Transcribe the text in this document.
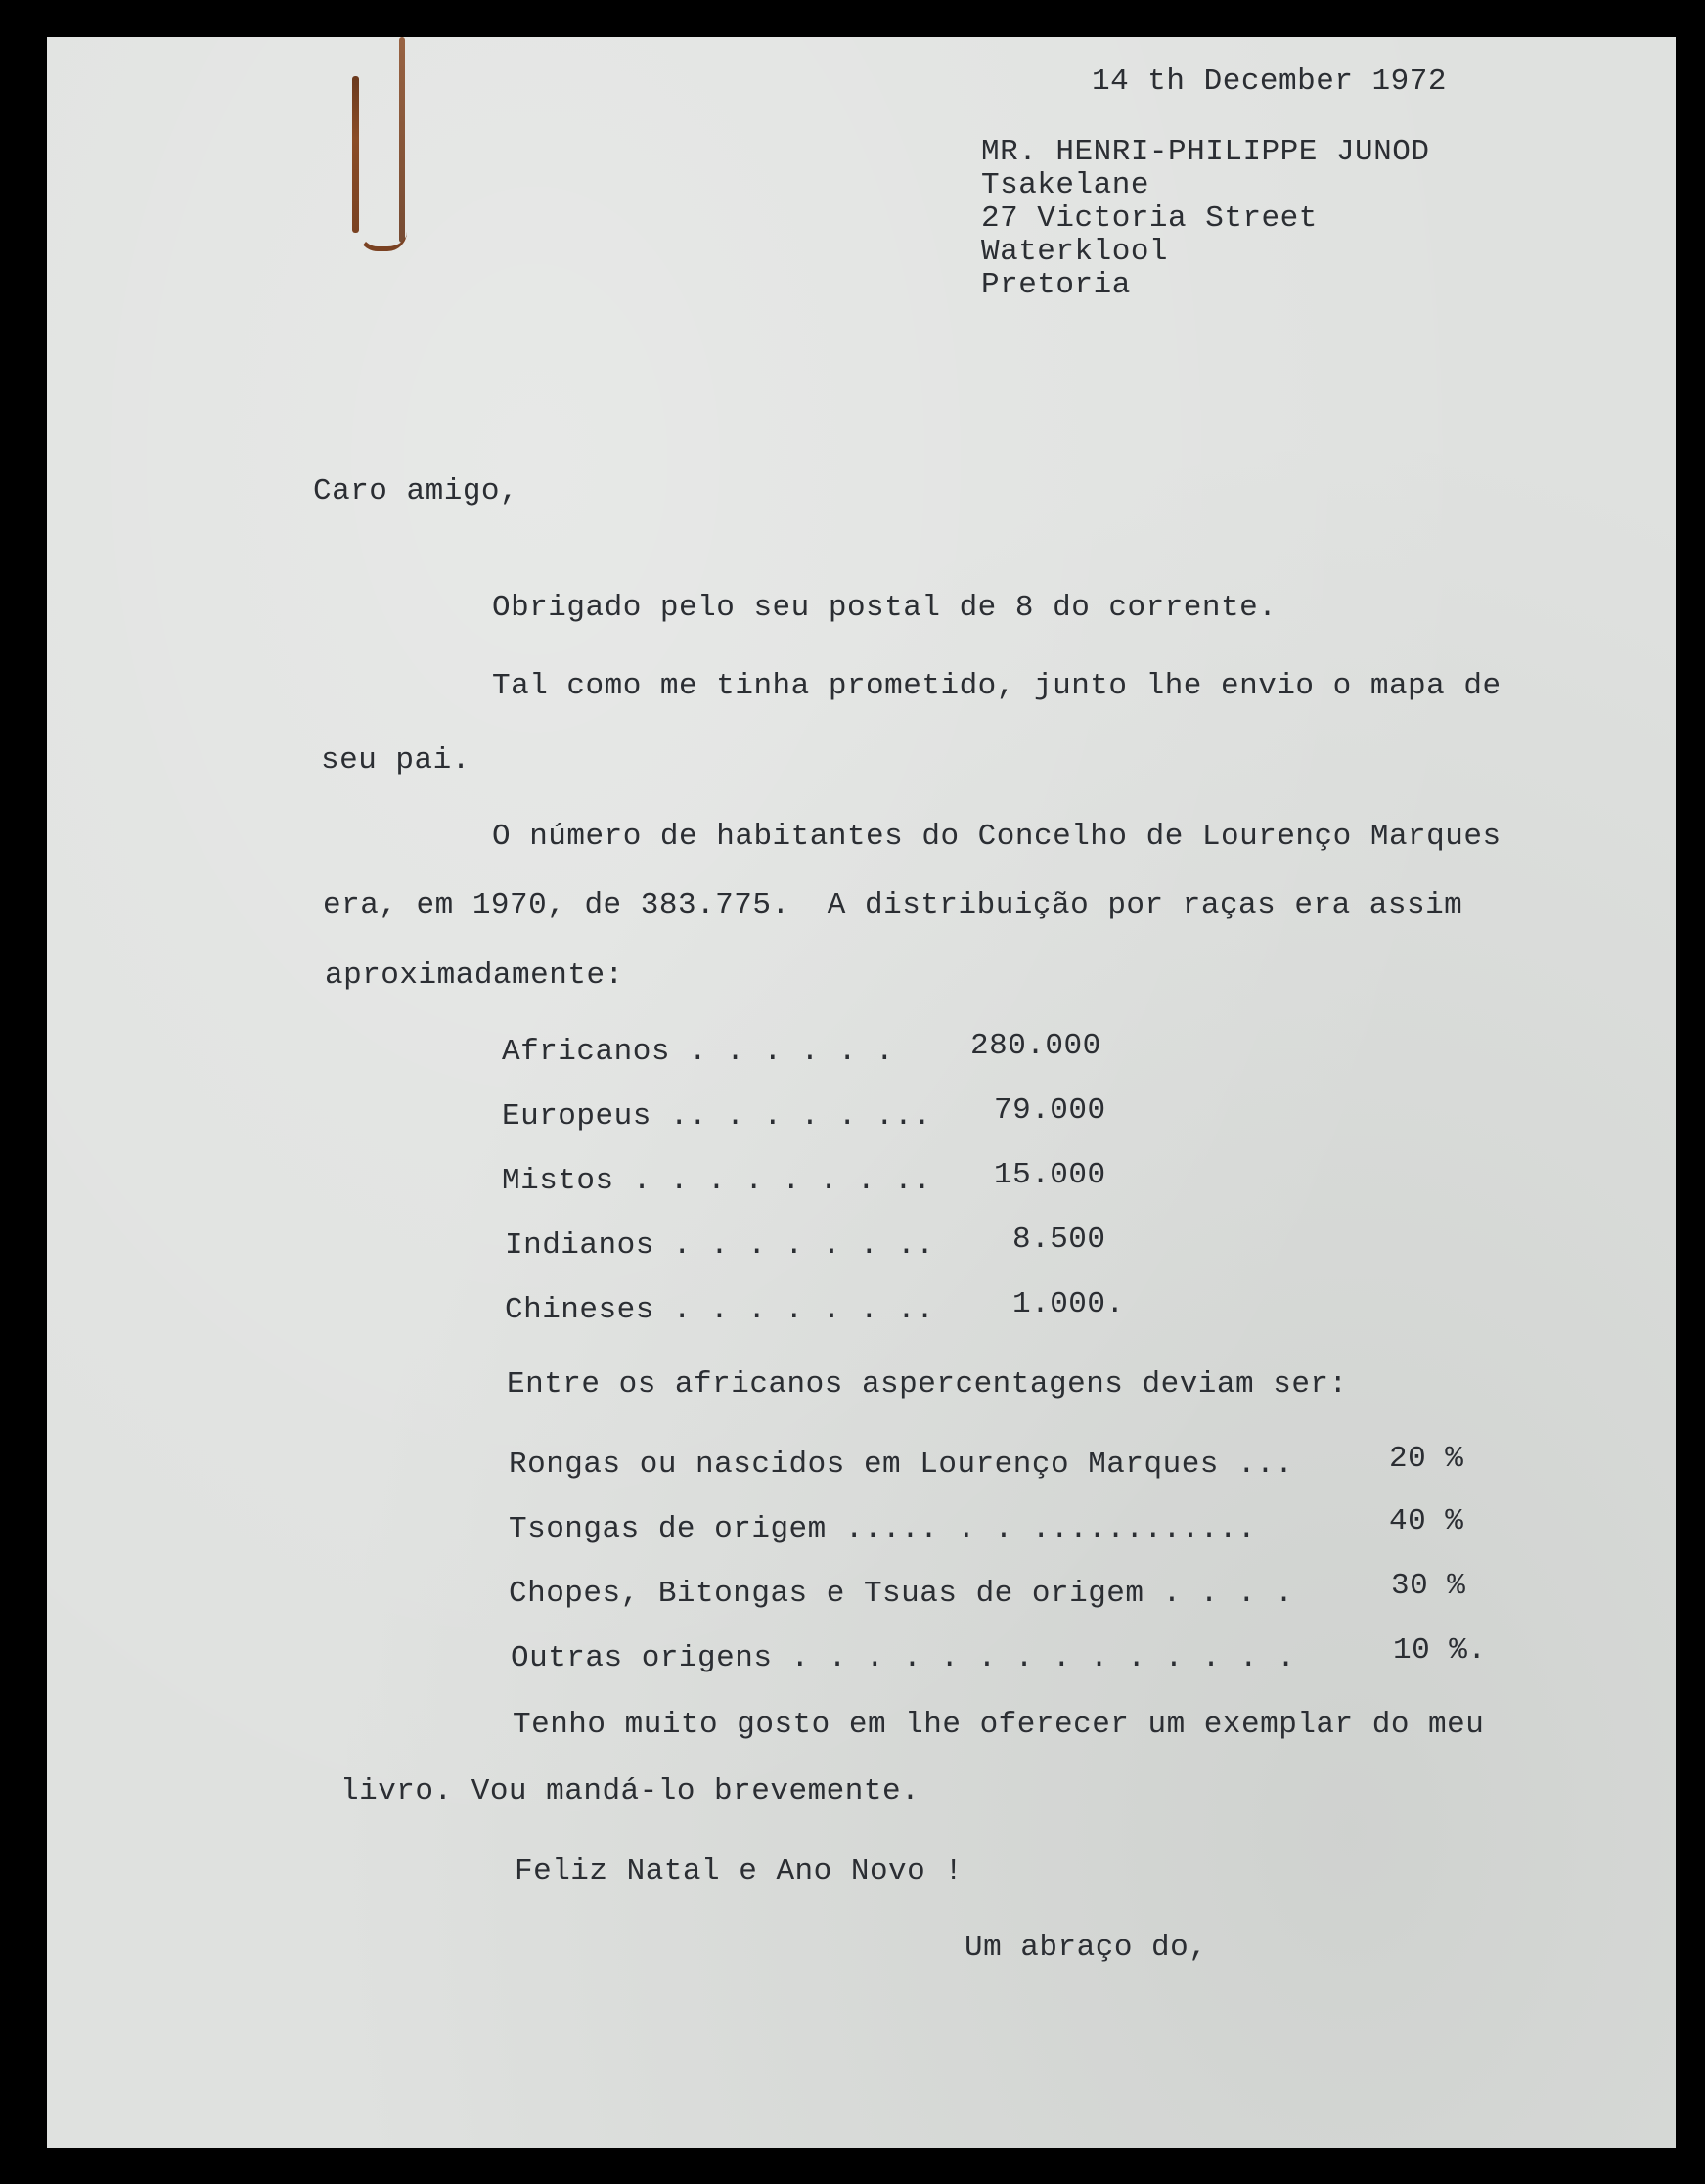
14 th December 1972
MR. HENRI-PHILIPPE JUNOD
Tsakelane
27 Victoria Street
Waterklool
Pretoria
Caro amigo,
Obrigado pelo seu postal de 8 do corrente.
Tal como me tinha prometido, junto lhe envio o mapa de
seu pai.
O número de habitantes do Concelho de Lourenço Marques
era, em 1970, de 383.775.  A distribuição por raças era assim
aproximadamente:
Africanos . . . . . .	280.000
Europeus .. . . . . ... 79.000
Mistos . . . . . . . .. 15.000
Indianos . . . . . . ..	8.500
Chineses . . . . . . ..	1.000.
Entre os africanos aspercentagens deviam ser:
Rongas ou nascidos em Lourenço Marques ...	20 %
Tsongas de origem ..... . . ............	40 %
Chopes, Bitongas e Tsuas de origem . . . .	30 %
Outras origens . . . . . . . . . . . . . .	10 %.
Tenho muito gosto em lhe oferecer um exemplar do meu
livro. Vou mandá-lo brevemente.
Feliz Natal e Ano Novo !
Um abraço do,
